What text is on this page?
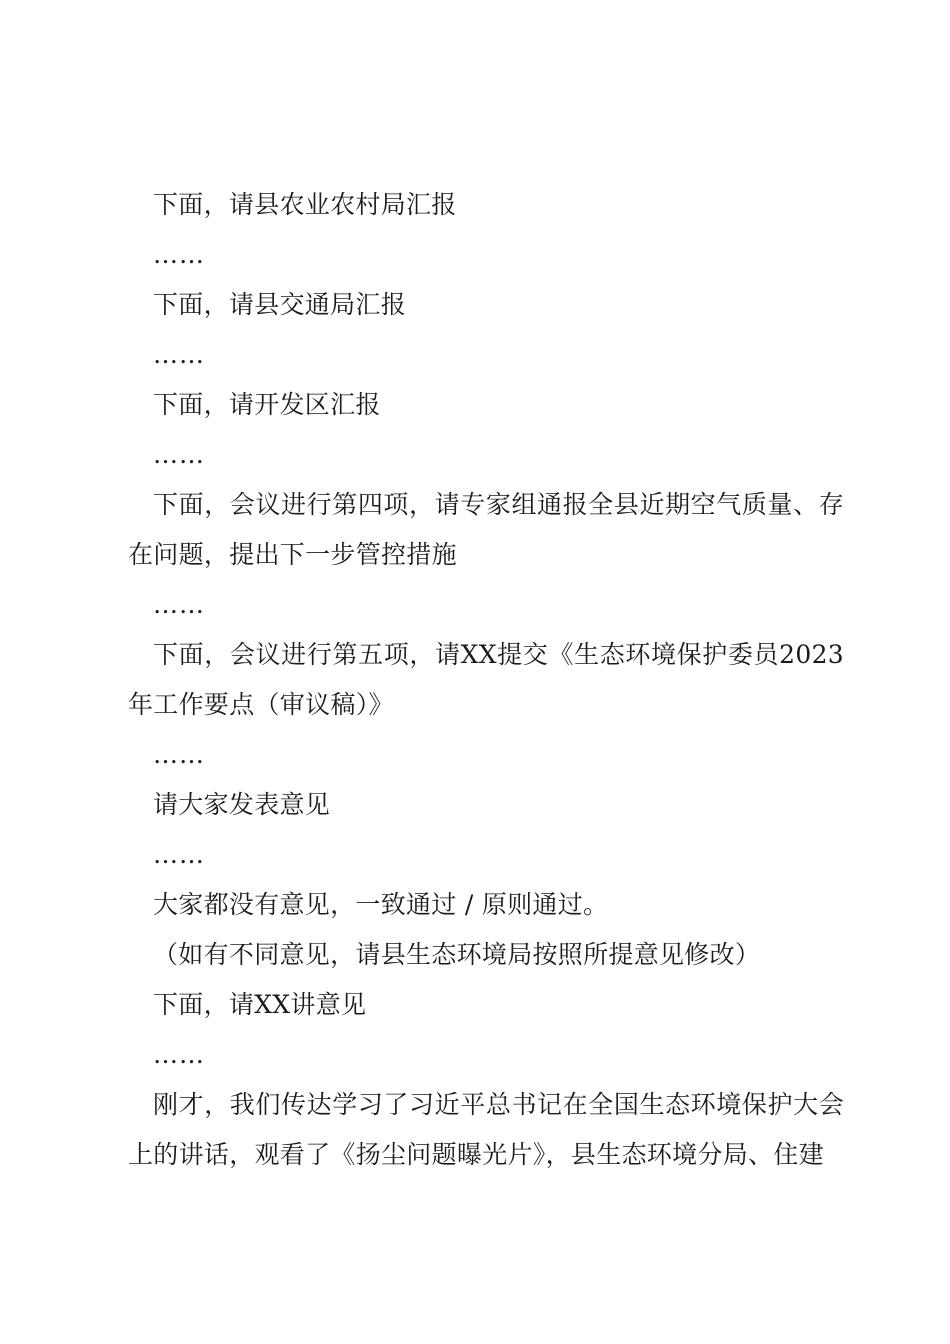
下面，请县农业农村局汇报

……

下面，请县交通局汇报

……

下面，请开发区汇报

……

下面，会议进行第四项，请专家组通报全县近期空气质量、存在问题，提出下一步管控措施

……

下面，会议进行第五项，请XX提交《生态环境保护委员2023年工作要点（审议稿）》

……

请大家发表意见

……

大家都没有意见，一致通过 / 原则通过。

（如有不同意见，请县生态环境局按照所提意见修改）

下面，请XX讲意见

……

刚才，我们传达学习了习近平总书记在全国生态环境保护大会上的讲话，观看了《扬尘问题曝光片》，县生态环境分局、住建
